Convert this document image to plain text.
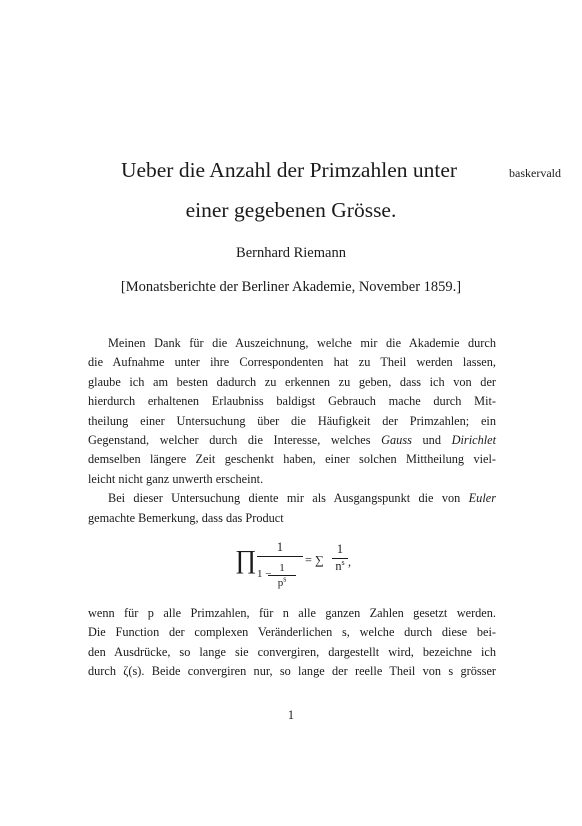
Ueber die Anzahl der Primzahlen unter
einer gegebenen Grösse.
baskervald
Bernhard Riemann
[Monatsberichte der Berliner Akademie, November 1859.]
Meinen Dank für die Auszeichnung, welche mir die Akademie durch
die Aufnahme unter ihre Correspondenten hat zu Theil werden lassen,
glaube ich am besten dadurch zu erkennen zu geben, dass ich von der
hierdurch erhaltenen Erlaubniss baldigst Gebrauch mache durch Mit-
theilung einer Untersuchung über die Häufigkeit der Primzahlen; ein
Gegenstand, welcher durch die Interesse, welches Gauss und Dirichlet
demselben längere Zeit geschenkt haben, einer solchen Mittheilung viel-
leicht nicht ganz unwerth erscheint.
Bei dieser Untersuchung diente mir als Ausgangspunkt die von Euler
gemachte Bemerkung, dass das Product
∏	1
1 − 1
$p^s$
= ∑
1
$n^s$ ,
wenn für p alle Primzahlen, für n alle ganzen Zahlen gesetzt werden.
Die Function der complexen Veränderlichen s, welche durch diese bei-
den Ausdrücke, so lange sie convergiren, dargestellt wird, bezeichne ich
durch ζ(s). Beide convergiren nur, so lange der reelle Theil von s grösser
1
